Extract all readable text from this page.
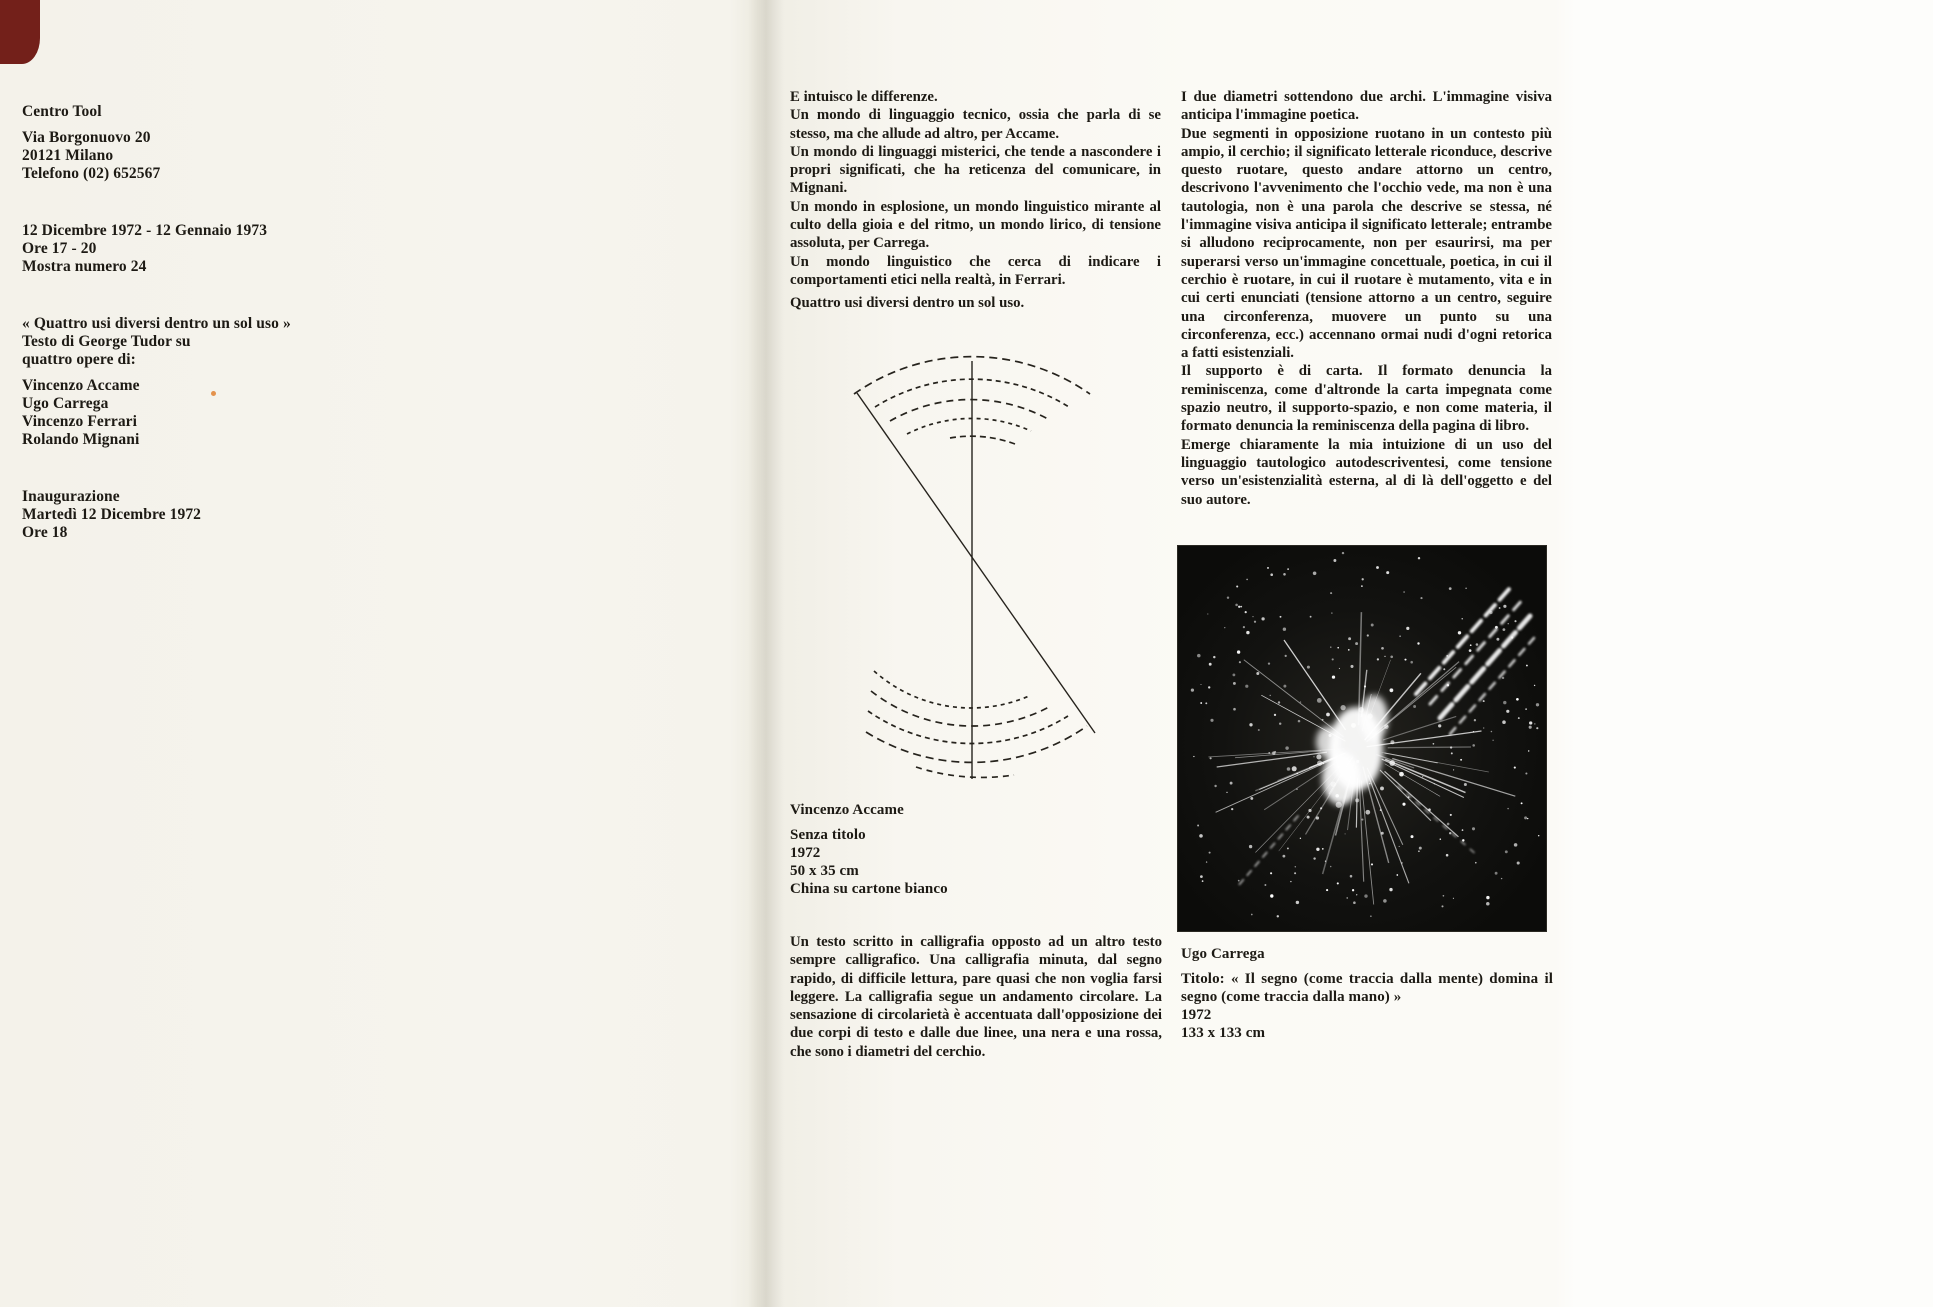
Centro Tool
Via Borgonuovo 20
20121 Milano
Telefono (02) 652567
12 Dicembre 1972 - 12 Gennaio 1973
Ore 17 - 20
Mostra numero 24
« Quattro usi diversi dentro un sol uso »
Testo di George Tudor su
quattro opere di:
Vincenzo Accame
Ugo Carrega
Vincenzo Ferrari
Rolando Mignani
Inaugurazione
Martedì 12 Dicembre 1972
Ore 18

E intuisco le differenze.

Un mondo di linguaggio tecnico, ossia che parla di se stesso, ma che allude ad altro, per Accame.

Un mondo di linguaggi misterici, che tende a nascondere i propri significati, che ha reticenza del comunicare, in Mignani.

Un mondo in esplosione, un mondo linguistico mirante al culto della gioia e del ritmo, un mondo lirico, di tensione assoluta, per Carrega.

Un mondo linguistico che cerca di indicare i comportamenti etici nella realtà, in Ferrari.

Quattro usi diversi dentro un sol uso.

Vincenzo Accame
Senza titolo
1972
50 x 35 cm
China su cartone bianco

Un testo scritto in calligrafia opposto ad un altro testo sempre calligrafico. Una calligrafia minuta, dal segno rapido, di difficile lettura, pare quasi che non voglia farsi leggere. La calligrafia segue un andamento circolare. La sensazione di circolarietà è accentuata dall'opposizione dei due corpi di testo e dalle due linee, una nera e una rossa, che sono i diametri del cerchio.

I due diametri sottendono due archi. L'immagine visiva anticipa l'immagine poetica.

Due segmenti in opposizione ruotano in un contesto più ampio, il cerchio; il significato letterale riconduce, descrive questo ruotare, questo andare attorno un centro, descrivono l'avvenimento che l'occhio vede, ma non è una tautologia, non è una parola che descrive se stessa, né l'immagine visiva anticipa il significato letterale; entrambe si alludono reciprocamente, non per esaurirsi, ma per superarsi verso un'immagine concettuale, poetica, in cui il cerchio è ruotare, in cui il ruotare è mutamento, vita e in cui certi enunciati (tensione attorno a un centro, seguire una circonferenza, muovere un punto su una circonferenza, ecc.) accennano ormai nudi d'ogni retorica a fatti esistenziali.

Il supporto è di carta. Il formato denuncia la reminiscenza, come d'altronde la carta impegnata come spazio neutro, il supporto-spazio, e non come materia, il formato denuncia la reminiscenza della pagina di libro.

Emerge chiaramente la mia intuizione di un uso del linguaggio tautologico autodescriventesi, come tensione verso un'esistenzialità esterna, al di là dell'oggetto e del suo autore.

Ugo Carrega
Titolo: « Il segno (come traccia dalla mente) domina il segno (come traccia dalla mano) »
1972
133 x 133 cm
